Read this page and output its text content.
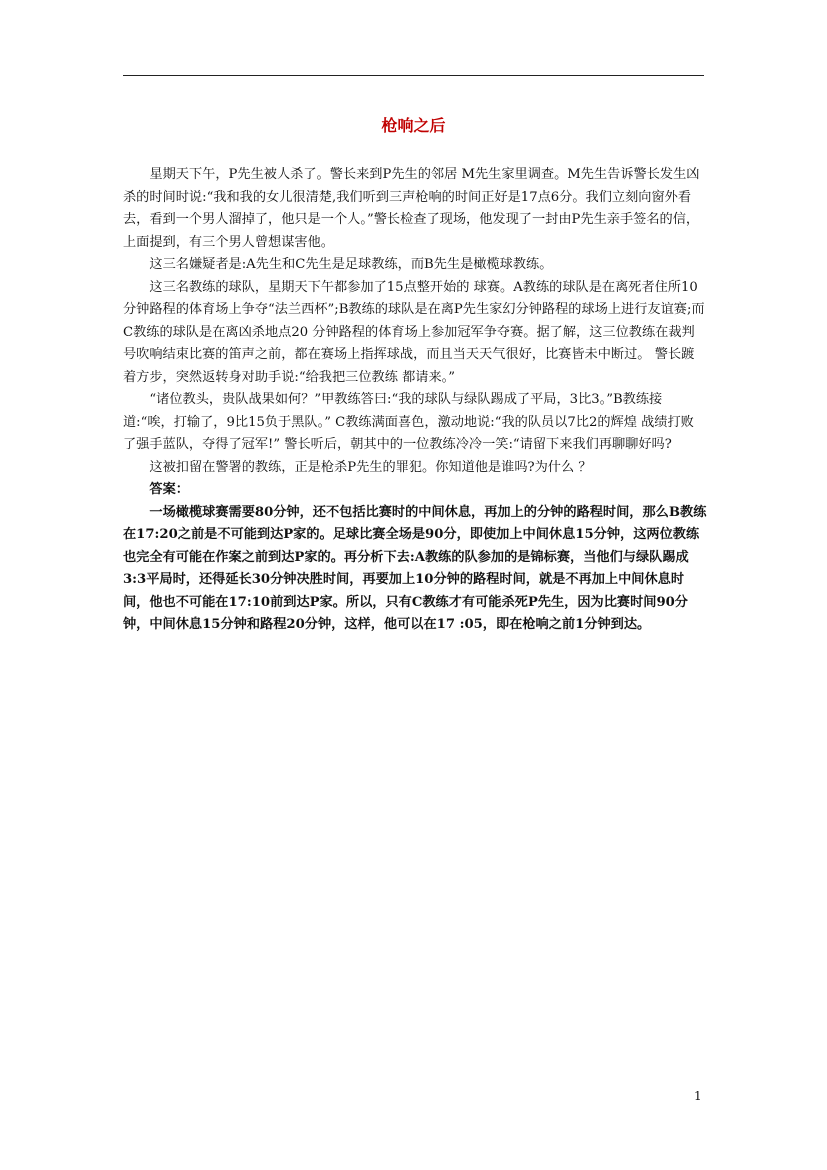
枪响之后

星期天下午，P先生被人杀了。警长来到P先生的邻居 M先生家里调查。M先生告诉警长发生凶杀的时间时说:“我和我的女儿很清楚,我们听到三声枪响的时间正好是17点6分。我们立刻向窗外看去，看到一个男人溜掉了，他只是一个人。”警长检查了现场，他发现了一封由P先生亲手签名的信，上面提到，有三个男人曾想谋害他。

这三名嫌疑者是:A先生和C先生是足球教练，而B先生是橄榄球教练。

这三名教练的球队，星期天下午都参加了15点整开始的 球赛。A教练的球队是在离死者住所10分钟路程的体育场上争夺“法兰西杯”;B教练的球队是在离P先生家幻分钟路程的球场上进行友谊赛;而C教练的球队是在离凶杀地点20 分钟路程的体育场上参加冠军争夺赛。据了解，这三位教练在裁判号吹响结束比赛的笛声之前，都在赛场上指挥球战，而且当天天气很好，比赛皆未中断过。 警长踱着方步，突然返转身对助手说:“给我把三位教练 都请来。”

“诸位教头，贵队战果如何？”甲教练答曰:“我的球队与绿队踢成了平局，3比3。”B教练接道:“唉，打输了，9比15负于黑队。” C教练满面喜色，激动地说:“我的队员以7比2的辉煌 战绩打败了强手蓝队，夺得了冠军!” 警长听后，朝其中的一位教练冷冷一笑:“请留下来我们再聊聊好吗?

这被扣留在警署的教练，正是枪杀P先生的罪犯。你知道他是谁吗?为什么 ？

答案：

一场橄榄球赛需要80分钟，还不包括比赛时的中间休息，再加上的分钟的路程时间，那么B教练在17:20之前是不可能到达P家的。足球比赛全场是90分，即使加上中间休息15分钟，这两位教练也完全有可能在作案之前到达P家的。再分析下去:A教练的队参加的是锦标赛，当他们与绿队踢成3:3平局时，还得延长30分钟决胜时间，再要加上10分钟的路程时间，就是不再加上中间休息时间，他也不可能在17:10前到达P家。所以，只有C教练才有可能杀死P先生，因为比赛时间90分钟，中间休息15分钟和路程20分钟，这样，他可以在17 :05，即在枪响之前1分钟到达。

1
